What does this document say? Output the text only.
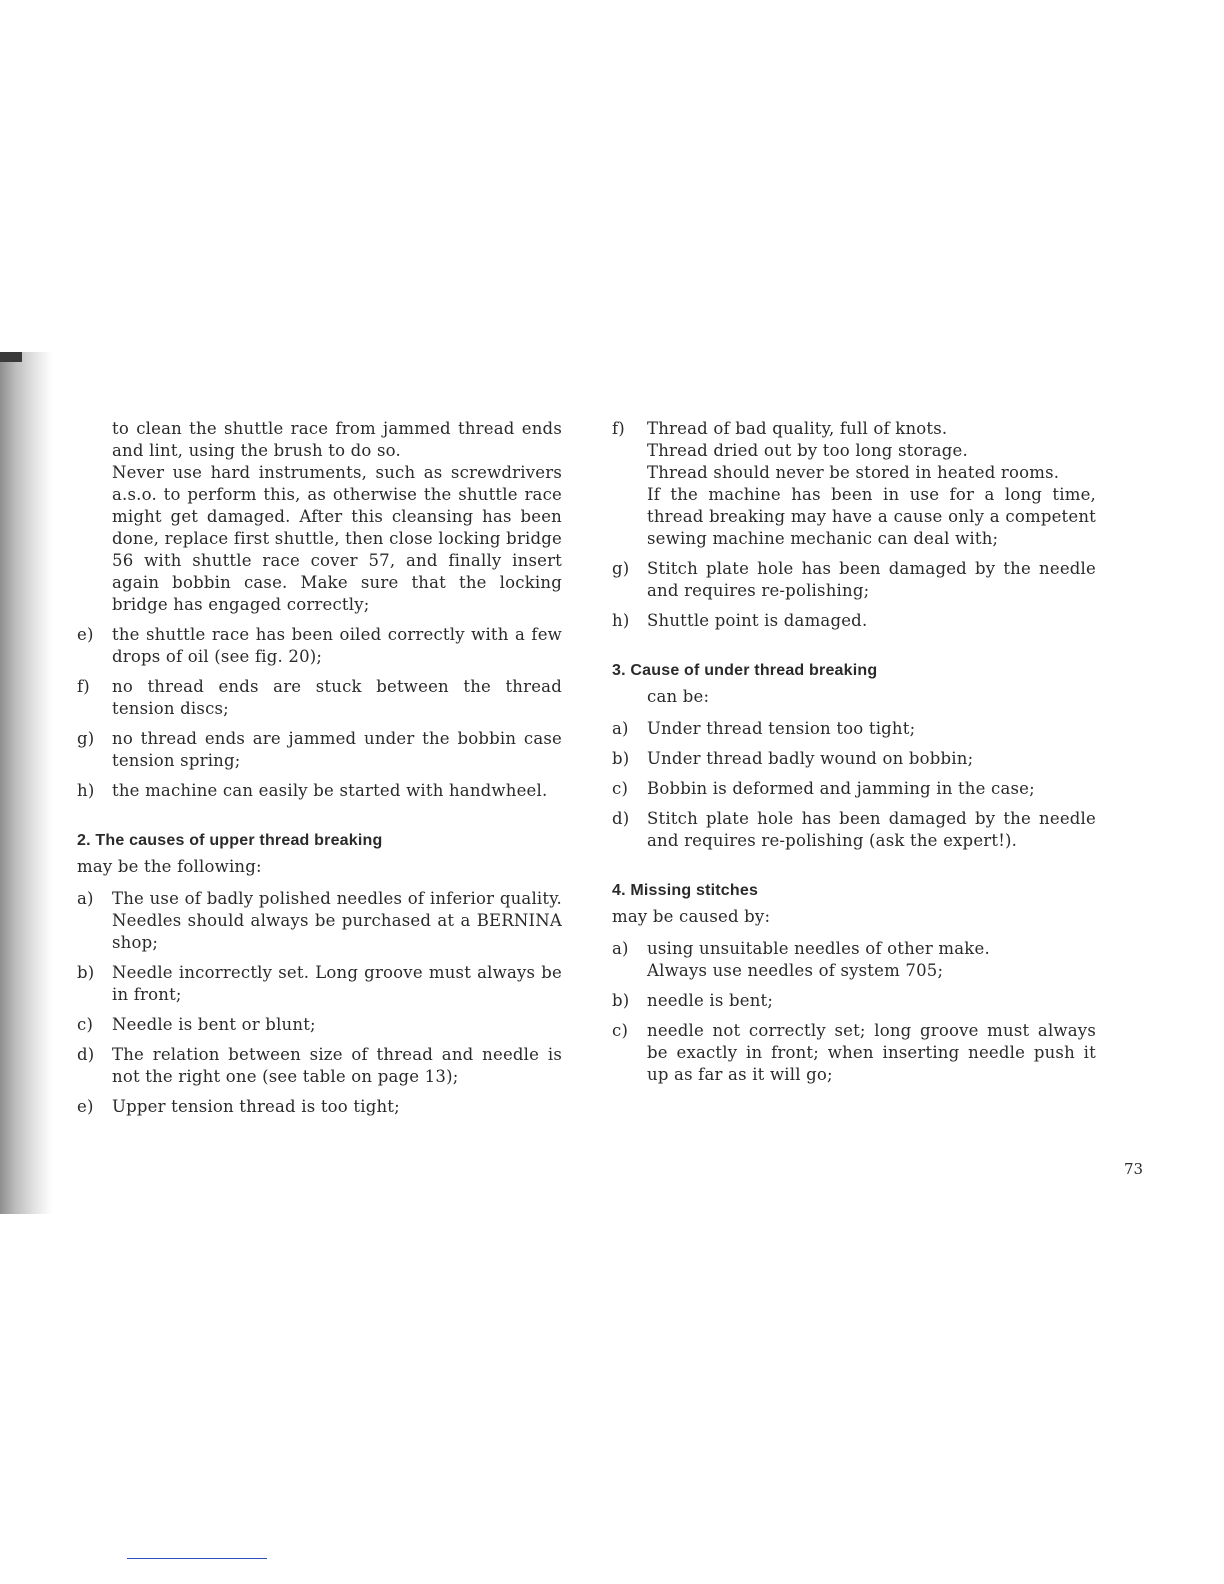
to clean the shuttle race from jammed thread ends and lint, using the brush to do so.

Never use hard instruments, such as screwdrivers a.s.o. to perform this, as otherwise the shuttle race might get damaged. After this cleansing has been done, replace first shuttle, then close locking bridge 56 with shuttle race cover 57, and finally insert again bobbin case. Make sure that the locking bridge has engaged correctly;

e)	the shuttle race has been oiled correctly with a few drops of oil (see fig. 20);
f)	no thread ends are stuck between the thread tension discs;
g)	no thread ends are jammed under the bobbin case tension spring;
h)	the machine can easily be started with handwheel.
2. The causes of upper thread breaking
may be the following:
a)	The use of badly polished needles of inferior quality. Needles should always be purchased at a BERNINA shop;
b)	Needle incorrectly set. Long groove must always be in front;
c)	Needle is bent or blunt;
d)	The relation between size of thread and needle is not the right one (see table on page 13);
e)	Upper tension thread is too tight;
f)	Thread of bad quality, full of knots.
Thread dried out by too long storage.
Thread should never be stored in heated rooms.
If the machine has been in use for a long time, thread breaking may have a cause only a competent sewing machine mechanic can deal with;
g)	Stitch plate hole has been damaged by the needle and requires re-polishing;
h)	Shuttle point is damaged.
3. Cause of under thread breaking
can be:
a)	Under thread tension too tight;
b)	Under thread badly wound on bobbin;
c)	Bobbin is deformed and jamming in the case;
d)	Stitch plate hole has been damaged by the needle and requires re-polishing (ask the expert!).
4. Missing stitches
may be caused by:
a)	using unsuitable needles of other make.
Always use needles of system 705;
b)	needle is bent;
c)	needle not correctly set; long groove must always be exactly in front; when inserting needle push it up as far as it will go;
73
